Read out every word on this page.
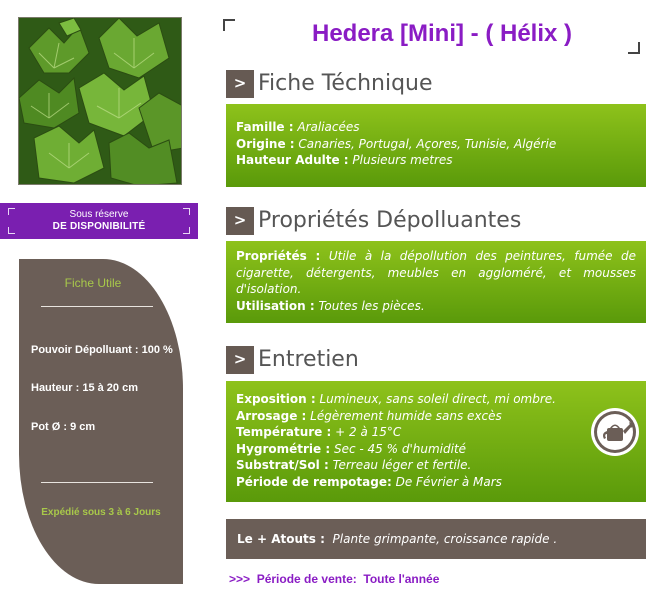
Sous réserve
DE DISPONIBILITÉ
Fiche Utile
Pouvoir Dépolluant : 100 %
Hauteur : 15 à 20 cm
Pot Ø : 9 cm
Expédié sous 3 à 6 Jours
Hedera [Mini] - ( Hélix )
> Fiche Téchnique
Famille : Araliacées
Origine : Canaries, Portugal, Açores, Tunisie, Algérie
Hauteur Adulte : Plusieurs metres
> Propriétés Dépolluantes
Propriétés : Utile à la dépollution des peintures, fumée de cigarette, détergents, meubles en aggloméré, et mousses d'isolation.
Utilisation : Toutes les pièces.
> Entretien
Exposition : Lumineux, sans soleil direct, mi ombre.
Arrosage : Légèrement humide sans excès
Température : + 2 à 15°C
Hygrométrie : Sec - 45 % d'humidité
Substrat/Sol : Terreau léger et fertile.
Période de rempotage: De Février à Mars
Le + Atouts : Plante grimpante, croissance rapide .
>>> Période de vente: Toute l'année
